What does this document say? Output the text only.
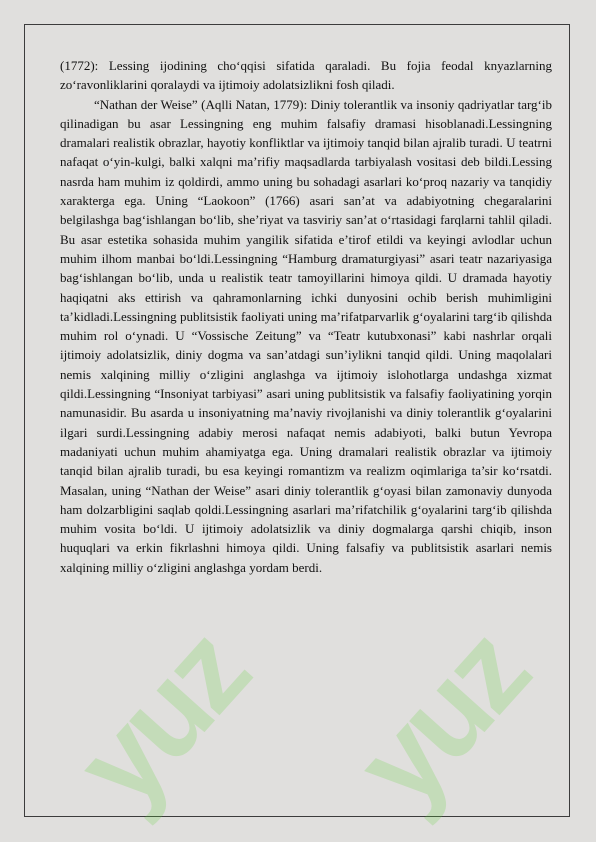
yuz yuz

(1772): Lessing ijodining cho‘qqisi sifatida qaraladi. Bu fojia feodal knyazlarning zo‘ravonliklarini qoralaydi va ijtimoiy adolatsizlikni fosh qiladi.

“Nathan der Weise” (Aqlli Natan, 1779): Diniy tolerantlik va insoniy qadriyatlar targ‘ib qilinadigan bu asar Lessingning eng muhim falsafiy dramasi hisoblanadi.Lessingning dramalari realistik obrazlar, hayotiy konfliktlar va ijtimoiy tanqid bilan ajralib turadi. U teatrni nafaqat o‘yin-kulgi, balki xalqni ma’rifiy maqsadlarda tarbiyalash vositasi deb bildi.Lessing nasrda ham muhim iz qoldirdi, ammo uning bu sohadagi asarlari ko‘proq nazariy va tanqidiy xarakterga ega. Uning “Laokoon” (1766) asari san’at va adabiyotning chegaralarini belgilashga bag‘ishlangan bo‘lib, she’riyat va tasviriy san’at o‘rtasidagi farqlarni tahlil qiladi. Bu asar estetika sohasida muhim yangilik sifatida e’tirof etildi va keyingi avlodlar uchun muhim ilhom manbai bo‘ldi.Lessingning “Hamburg dramaturgiyasi” asari teatr nazariyasiga bag‘ishlangan bo‘lib, unda u realistik teatr tamoyillarini himoya qildi. U dramada hayotiy haqiqatni aks ettirish va qahramonlarning ichki dunyosini ochib berish muhimligini ta’kidladi.Lessingning publitsistik faoliyati uning ma’rifatparvarlik g‘oyalarini targ‘ib qilishda muhim rol o‘ynadi. U “Vossische Zeitung” va “Teatr kutubxonasi” kabi nashrlar orqali ijtimoiy adolatsizlik, diniy dogma va san’atdagi sun’iylikni tanqid qildi. Uning maqolalari nemis xalqining milliy o‘zligini anglashga va ijtimoiy islohotlarga undashga xizmat qildi.Lessingning “Insoniyat tarbiyasi” asari uning publitsistik va falsafiy faoliyatining yorqin namunasidir. Bu asarda u insoniyatning ma’naviy rivojlanishi va diniy tolerantlik g‘oyalarini ilgari surdi.Lessingning adabiy merosi nafaqat nemis adabiyoti, balki butun Yevropa madaniyati uchun muhim ahamiyatga ega. Uning dramalari realistik obrazlar va ijtimoiy tanqid bilan ajralib turadi, bu esa keyingi romantizm va realizm oqimlariga ta’sir ko‘rsatdi. Masalan, uning “Nathan der Weise” asari diniy tolerantlik g‘oyasi bilan zamonaviy dunyoda ham dolzarbligini saqlab qoldi.Lessingning asarlari ma’rifatchilik g‘oyalarini targ‘ib qilishda muhim vosita bo‘ldi. U ijtimoiy adolatsizlik va diniy dogmalarga qarshi chiqib, inson huquqlari va erkin fikrlashni himoya qildi. Uning falsafiy va publitsistik asarlari nemis xalqining milliy o‘zligini anglashga yordam berdi.
